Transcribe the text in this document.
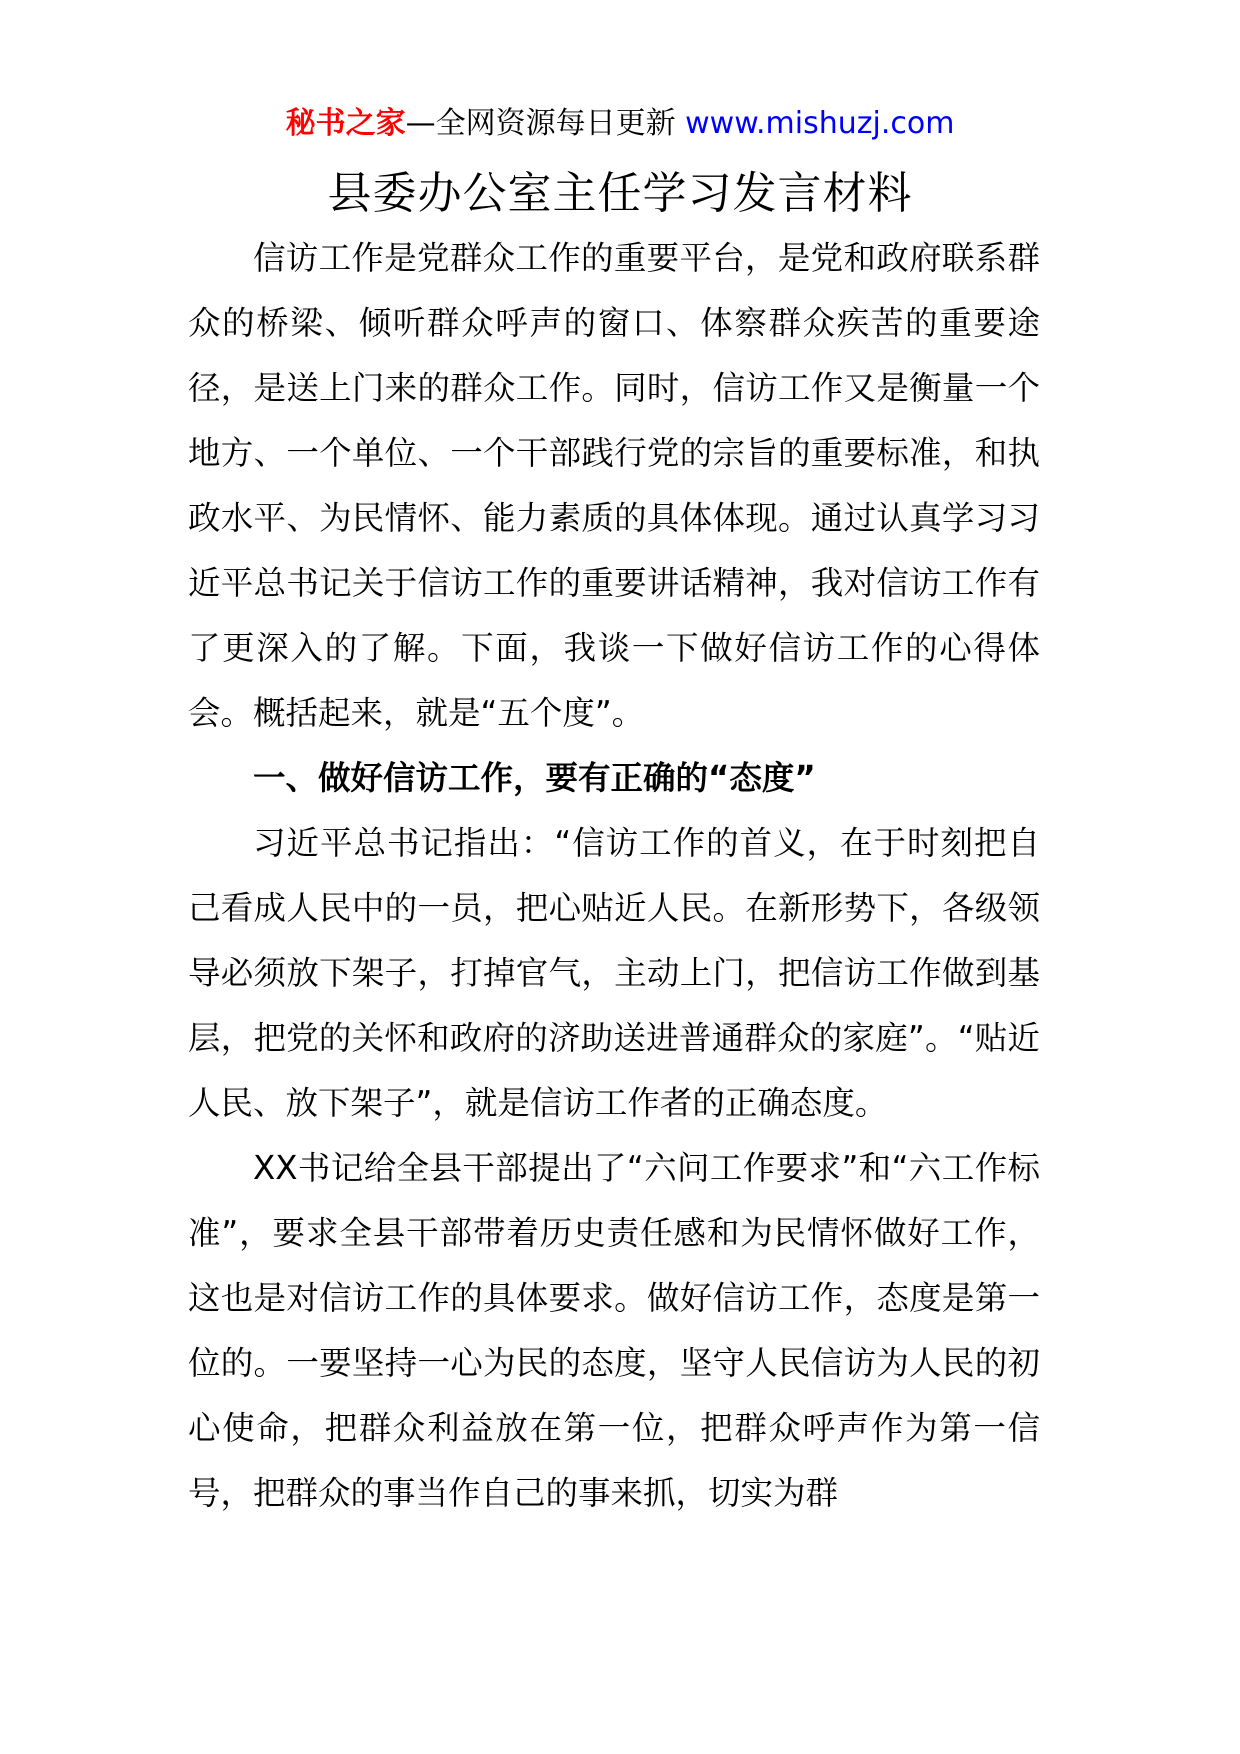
秘书之家—全网资源每日更新 www.mishuzj.com
县委办公室主任学习发言材料

信访工作是党群众工作的重要平台，是党和政府联系群众的桥梁、倾听群众呼声的窗口、体察群众疾苦的重要途径，是送上门来的群众工作。同时，信访工作又是衡量一个地方、一个单位、一个干部践行党的宗旨的重要标准，和执政水平、为民情怀、能力素质的具体体现。通过认真学习习近平总书记关于信访工作的重要讲话精神，我对信访工作有了更深入的了解。下面，我谈一下做好信访工作的心得体会。概括起来，就是“五个度”。

一、做好信访工作，要有正确的“态度”

习近平总书记指出：“信访工作的首义，在于时刻把自己看成人民中的一员，把心贴近人民。在新形势下，各级领导必须放下架子，打掉官气，主动上门，把信访工作做到基层，把党的关怀和政府的济助送进普通群众的家庭”。“贴近人民、放下架子”，就是信访工作者的正确态度。

XX书记给全县干部提出了“六问工作要求”和“六工作标准”，要求全县干部带着历史责任感和为民情怀做好工作，这也是对信访工作的具体要求。做好信访工作，态度是第一位的。一要坚持一心为民的态度，坚守人民信访为人民的初心使命，把群众利益放在第一位，把群众呼声作为第一信号，把群众的事当作自己的事来抓，切实为群
